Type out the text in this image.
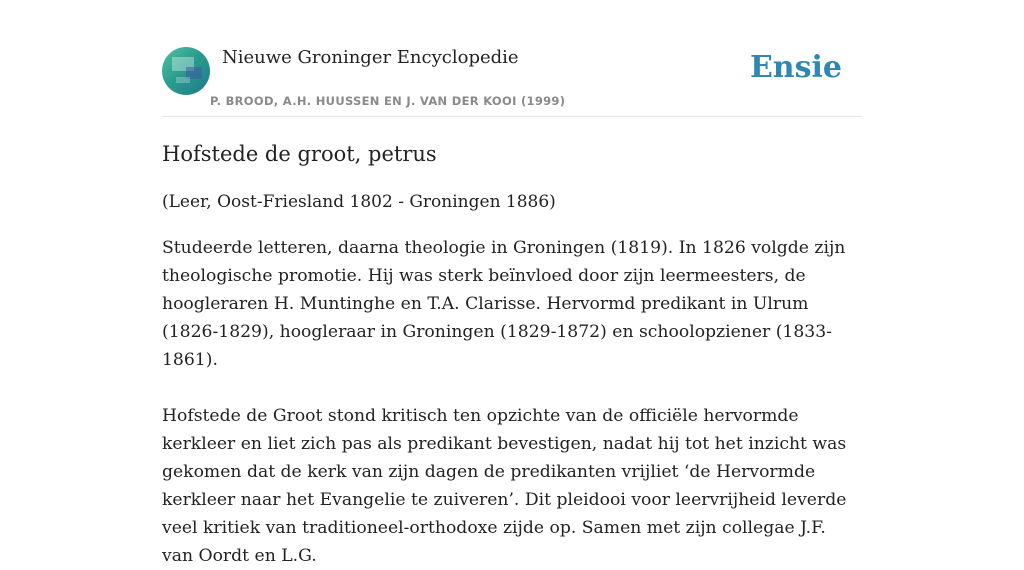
Nieuwe Groninger Encyclopedie
P. BROOD, A.H. HUUSSEN EN J. VAN DER KOOI (1999)
Ensie
Hofstede de groot, petrus

(Leer, Oost-Friesland 1802 - Groningen 1886)

Studeerde letteren, daarna theologie in Groningen (1819). In 1826 volgde zijn theologische promotie. Hij was sterk beïnvloed door zijn leermeesters, de hoogleraren H. Muntinghe en T.A. Clarisse. Hervormd predikant in Ulrum (1826-1829), hoogleraar in Groningen (1829-1872) en schoolopziener (1833-1861).

Hofstede de Groot stond kritisch ten opzichte van de officiële hervormde kerkleer en liet zich pas als predikant bevestigen, nadat hij tot het inzicht was gekomen dat de kerk van zijn dagen de predikanten vrijliet ‘de Hervormde kerkleer naar het Evangelie te zuiveren’. Dit pleidooi voor leervrijheid leverde veel kritiek van traditioneel-orthodoxe zijde op. Samen met zijn collegae J.F. van Oordt en L.G.
